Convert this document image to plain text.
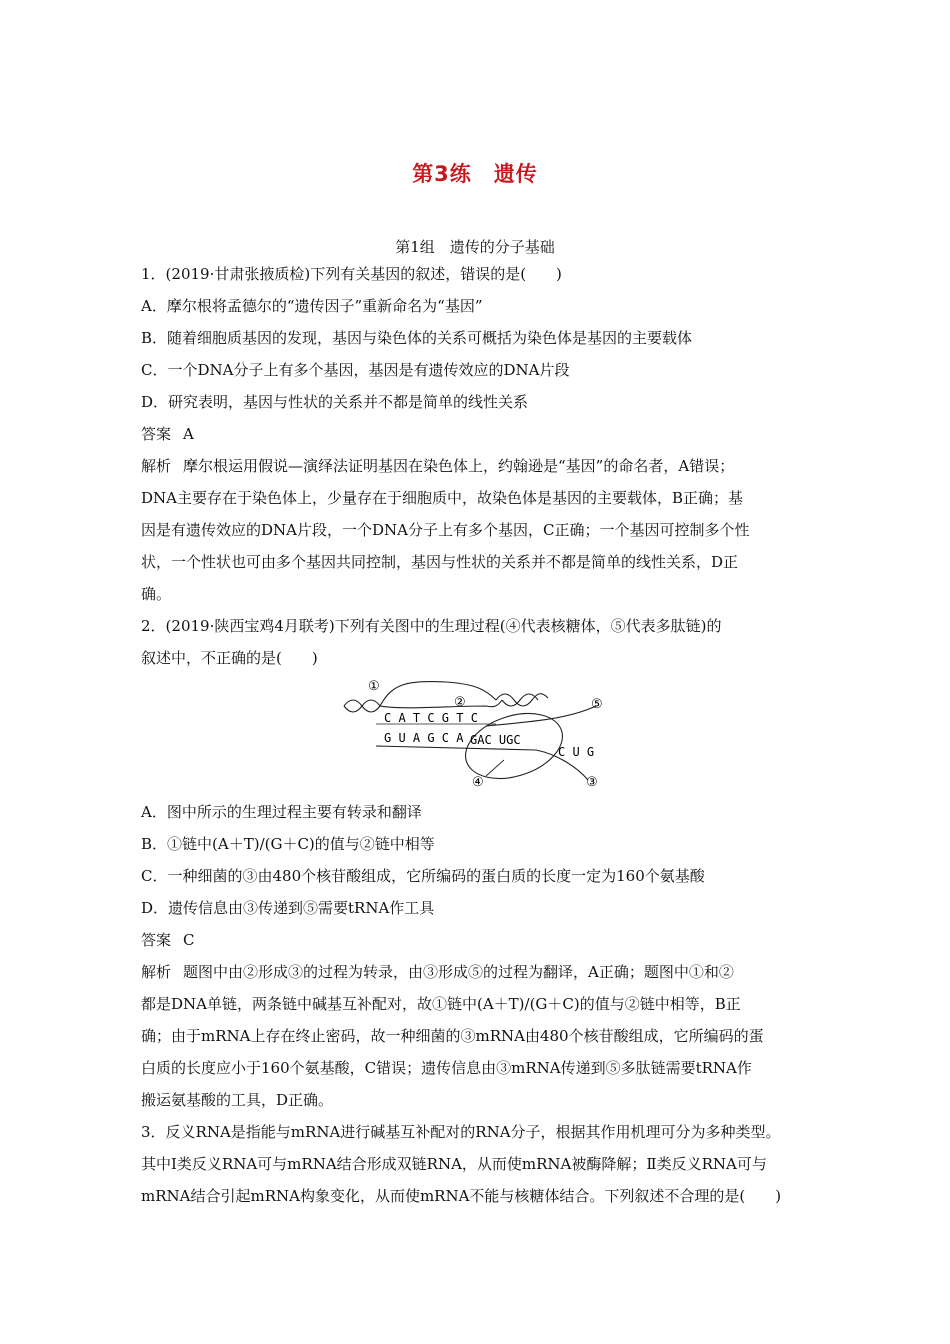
第3练　遗传
第1组　遗传的分子基础
1．(2019·甘肃张掖质检)下列有关基因的叙述，错误的是(　　)
A．摩尔根将孟德尔的“遗传因子”重新命名为“基因”
B．随着细胞质基因的发现，基因与染色体的关系可概括为染色体是基因的主要载体
C．一个DNA分子上有多个基因，基因是有遗传效应的DNA片段
D．研究表明，基因与性状的关系并不都是简单的线性关系
答案 A
解析 摩尔根运用假说—演绎法证明基因在染色体上，约翰逊是“基因”的命名者，A错误；
DNA主要存在于染色体上，少量存在于细胞质中，故染色体是基因的主要载体，B正确；基
因是有遗传效应的DNA片段，一个DNA分子上有多个基因，C正确；一个基因可控制多个性
状，一个性状也可由多个基因共同控制，基因与性状的关系并不都是简单的线性关系，D正
确。
2．(2019·陕西宝鸡4月联考)下列有关图中的生理过程(④代表核糖体，⑤代表多肽链)的
叙述中，不正确的是(　　)
①
②	⑤
④	③
C A T C G T C
G U A G C A GAC UGC
C U G
A．图中所示的生理过程主要有转录和翻译
B．①链中(A＋T)/(G＋C)的值与②链中相等
C．一种细菌的③由480个核苷酸组成，它所编码的蛋白质的长度一定为160个氨基酸
D．遗传信息由③传递到⑤需要tRNA作工具
答案 C
解析 题图中由②形成③的过程为转录，由③形成⑤的过程为翻译，A正确；题图中①和②
都是DNA单链，两条链中碱基互补配对，故①链中(A＋T)/(G＋C)的值与②链中相等，B正
确；由于mRNA上存在终止密码，故一种细菌的③mRNA由480个核苷酸组成，它所编码的蛋
白质的长度应小于160个氨基酸，C错误；遗传信息由③mRNA传递到⑤多肽链需要tRNA作
搬运氨基酸的工具，D正确。
3．反义RNA是指能与mRNA进行碱基互补配对的RNA分子，根据其作用机理可分为多种类型。
其中Ⅰ类反义RNA可与mRNA结合形成双链RNA，从而使mRNA被酶降解；Ⅱ类反义RNA可与
mRNA结合引起mRNA构象变化，从而使mRNA不能与核糖体结合。下列叙述不合理的是(　　)
